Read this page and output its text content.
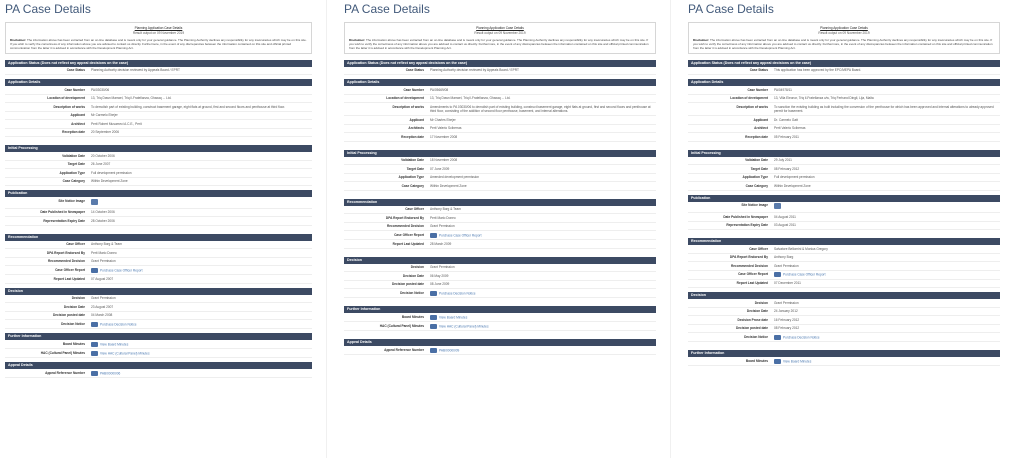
PA Case Details
Planning Application Case Details
Result output on 09 November 2019
Disclaimer: The information above has been extracted from an on-line database and is meant only for your general guidance. The Planning Authority declines any responsibility for any inaccuracies which may be on this site. If you wish to verify the correctness of any information above you are advised to contact us directly. Furthermore, in the event of any discrepancies between the information contained on this site and official printed communication from the latter it is advised in accordance with the Development Planning Act.
Application Status (Does not reflect any appeal decisions on the case)
Case Status	Planning Authority decision reviewed by Appeals Board / EPRT
Application Details
Case Number	PA/03030/06
Location of development	13, Triq Dawn Manwel, Triq il-Fratellanza, Ghaxaq ... Ltd.
Description of works	To demolish part of existing building, construct basement garage, eight flats at ground, first and second floors and penthouse at third floor.
Applicant	Mr Carmelo Ebejer
Architect	Perit Robert Musumeci A.C.E., Perit
Reception date	20 September 2006
Initial Processing
Validation Date	20 October 2006
Target Date	26 June 2007
Application Type	Full development permission
Case Category	Within Development Zone
Publication
Site Notice Image
Date Published in Newspaper	14 October 2006
Representation Expiry Date	28 October 2006
Recommendation
Case Officer	Anthony Borg & Team
DPA Report Endorsed By	Perit Mario Doneo
Recommended Decision	Grant Permission
Case Officer Report	Purchase Case Officer Report
Report Last Updated	07 August 2007
Decision
Decision	Grant Permission
Decision Date	23 August 2007
Decision posted date	04 March 2008
Decision Notice	Purchase Decision Notice
Further Information
Board Minutes	View Board Minutes
HAC (Cultural Panel) Minutes	View HAC (Cultural Panel) Minutes
Appeal Details
Appeal Reference Number	PAB/00000/06
PA Case Details
Planning Application Case Details
Result output on 09 November 2019
Disclaimer: The information above has been extracted from an on-line database and is meant only for your general guidance. The Planning Authority declines any responsibility for any inaccuracies which may be on this site. If you wish to verify the correctness of any information above you are advised to contact us directly. Furthermore, in the event of any discrepancies between the information contained on this site and official printed communication from the latter it is advised in accordance with the Development Planning Act.
Application Status (Does not reflect any appeal decisions on the case)
Case Status	Planning Authority decision reviewed by Appeals Board / EPRT
Application Details
Case Number	PA/05669/08
Location of development	13, Triq Dawn Manwel, Triq il-Fratellanza, Ghaxaq ... Ltd.
Description of works	Amendments to PA 03030/06 to demolish part of existing building, construct basement garage, eight flats at ground, first and second floors and penthouse at third floor, consisting of the addition of second floor penthouse, basement, and internal alterations.
Applicant	Mr Charles Ebejer
Architects	Perit Valerio Sciberras
Reception date	17 November 2008
Initial Processing
Validation Date	18 November 2008
Target Date	07 June 2009
Application Type	Amended development permission
Case Category	Within Development Zone
Recommendation
Case Officer	Anthony Borg & Team
DPA Report Endorsed By	Perit Mario Doneo
Recommended Decision	Grant Permission
Case Officer Report	Purchase Case Officer Report
Report Last Updated	28 March 2009
Decision
Decision	Grant Permission
Decision Date	06 May 2009
Decision posted date	08 June 2009
Decision Notice	Purchase Decision Notice
Further Information
Board Minutes	View Board Minutes
HAC (Cultural Panel) Minutes	View HAC (Cultural Panel) Minutes
Appeal Details
Appeal Reference Number	PAB/00000/09
PA Case Details
Planning Application Case Details
Result output on 09 November 2019
Disclaimer: The information above has been extracted from an on-line database and is meant only for your general guidance. The Planning Authority declines any responsibility for any inaccuracies which may be on this site. If you wish to verify the correctness of any information above you are advised to contact us directly. Furthermore, in the event of any discrepancies between the information contained on this site and official printed communication from the latter it is advised in accordance with the Development Planning Act.
Application Status (Does not reflect any appeal decisions on the case)
Case Status	This application has been approved by the EPC/MEPA Board.
Application Details
Case Number	PA/04978/11
Location of development	13, Villa Eleonor, Triq il-Fratellanza c/w, Triq Ferhand Dingli, Lija, Malta
Description of works	To sanction the existing building as built including the conversion of the penthouse for which has been approved and internal alterations to already approved permit for basement.
Applicant	Dr. Carmelo Gatt
Architect	Perit Valerio Sciberras
Reception date	05 February 2011
Initial Processing
Validation Date	29 July 2011
Target Date	08 February 2012
Application Type	Full development permission
Case Category	Within Development Zone
Publication
Site Notice Image
Date Published in Newspaper	04 August 2011
Representation Expiry Date	03 August 2011
Recommendation
Case Officer	Salvatore Bellomini & Monica Gregory
DPA Report Endorsed By	Anthony Borg
Recommended Decision	Grant Permission
Case Officer Report	Purchase Case Officer Report
Report Last Updated	07 December 2011
Decision
Decision	Grant Permission
Decision Date	24 January 2012
Decision Prose date	16 February 2012
Decision posted date	08 February 2012
Decision Notice	Purchase Decision Notice
Further Information
Board Minutes	View Board Minutes
